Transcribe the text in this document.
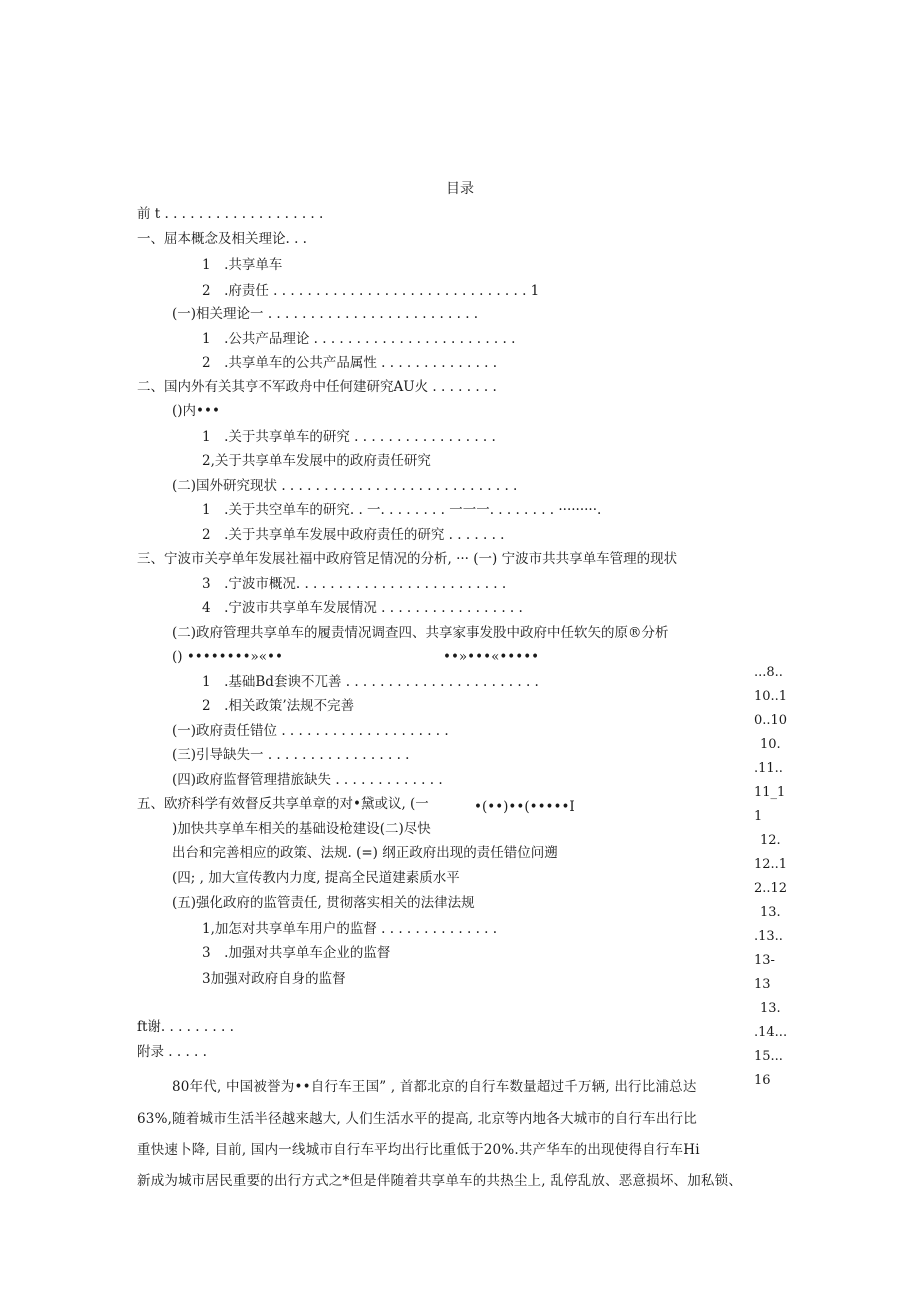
目录
前 t . . . . . . . . . . . . . . . . . . .
一、屈本概念及相关理论. . .
1　.共享单车
2　.府责任 . . . . . . . . . . . . . . . . . . . . . . . . . . . . . . 1
(一)相关理论一 . . . . . . . . . . . . . . . . . . . . . . . . .
1　.公共产品理论 . . . . . . . . . . . . . . . . . . . . . . . .
2　.共享单车的公共产品属性 . . . . . . . . . . . . . .
二、国内外有关其亨不军政舟中任何建研究AU火 . . . . . . . .
()内•••
1　.关于共享单车的研究 . . . . . . . . . . . . . . . . .
2,关于共享单车发展中的政府责任研究
(二)国外研究现状 . . . . . . . . . . . . . . . . . . . . . . . . . . . .
1　.关于共空单车的研究. . 一. . . . . . . . 一一一. . . . . . . . ·········.
2　.关于共享单车发展中政府责任的研究 . . . . . . .
三、宁波市关亭单年发展社福中政府管足情况的分析, ··· (一) 宁波市共共享单车管理的现状
3　.宁波市概况. . . . . . . . . . . . . . . . . . . . . . . . .
4　.宁波市共享单车发展情况 . . . . . . . . . . . . . . . . .
(二)政府管理共享单车的履责情况调查四、共享家事发股中政府中任软矢的原®分析
() ••••••••»«••	••»•••«•••••
1　.基础Bd套谀不兀善 . . . . . . . . . . . . . . . . . . . . . . .
2　.相关政策’法规不完善
(一)政府责任错位 . . . . . . . . . . . . . . . . . . . .
(三)引导缺失一 . . . . . . . . . . . . . . . . .
(四)政府监督管理措旅缺失 . . . . . . . . . . . . .
五、欧疥科学有效督反共享单章的对•黛或议, (一	•(••)••(•••••I
)加快共享单车相关的基础设枪建设(二)尽快
出台和完善相应的政策、法规. (=) 纲正政府出现的责任错位问遡
(四; , 加大宣传教内力度, 提高全民道建素质水平
(五)强化政府的监管责任, 贯彻落实相关的法律法规
1,加怎对共享单车用户的监督 . . . . . . . . . . . . . .
3　.加强对共享单车企业的监督
3加强对政府自身的监督
ft谢. . . . . . . . .
附录 . . . . .
...8..
10..1
0..10
10.
.11..
11_1
1
12.
12..1
2..12
13.
.13..
13-
13
13.
.14...
15...
16
80年代, 中国被誉为••自行车王国” , 首都北京的自行车数量超过千万辆, 出行比浦总达
63%,随着城市生活半径越来越大, 人们生活水平的提高, 北京等内地各大城市的自行车出行比
重快速卜降, 目前, 国内一线城市自行车平均出行比重低于20%.共产华车的出现使得自行车Hi
新成为城市居民重要的出行方式之*但是伴随着共享单车的共热尘上, 乱停乱放、恶意损坏、加私锁、
